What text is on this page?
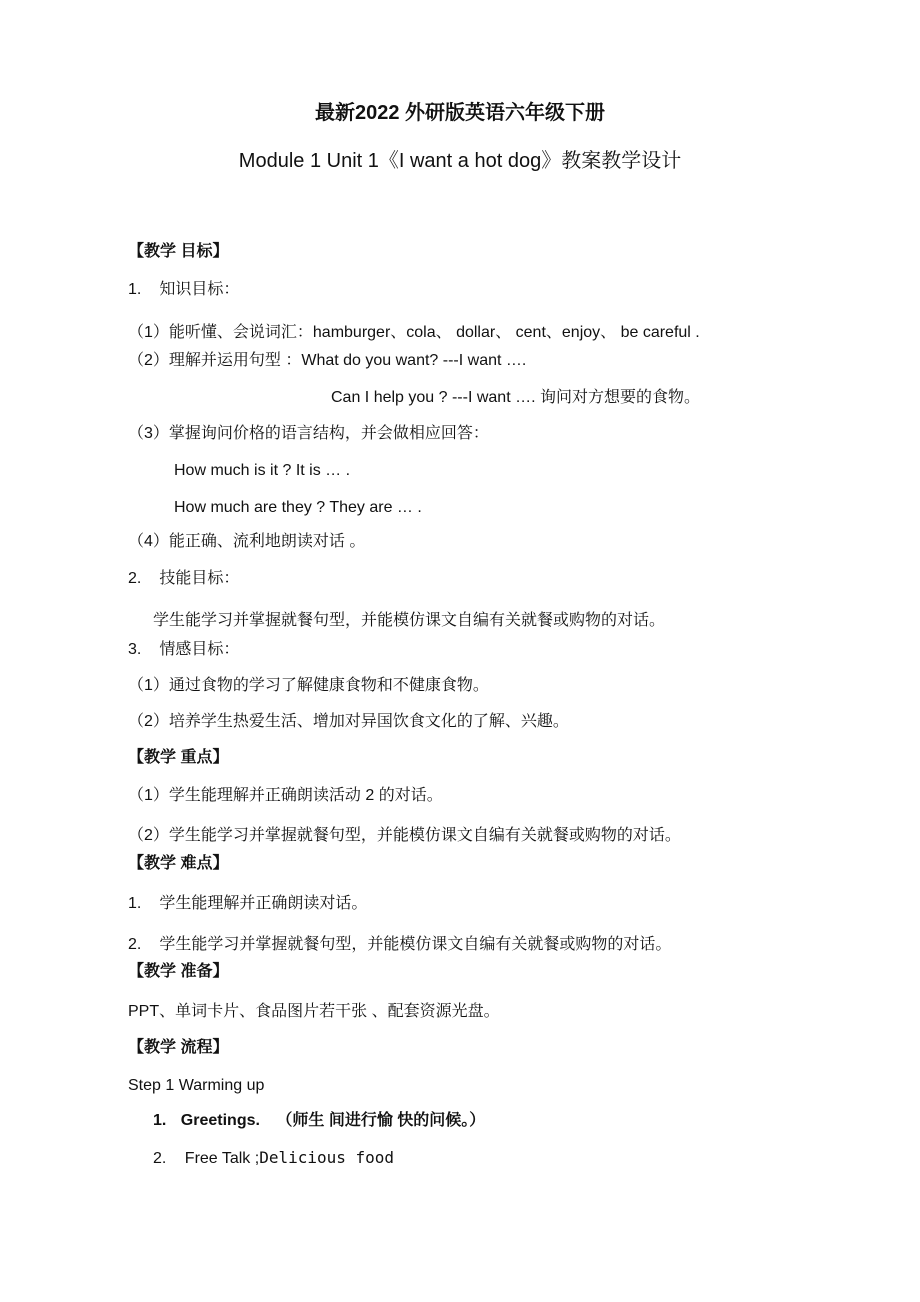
最新2022 外研版英语六年级下册
Module 1 Unit 1《I want a hot dog》教案教学设计
【教学 目标】
1. 知识目标：
（1）能听懂、会说词汇：hamburger、cola、 dollar、 cent、enjoy、 be careful .
（2）理解并运用句型 ：What do you want? ---I want ….
Can I help you ? ---I want …. 询问对方想要的食物。
（3）掌握询问价格的语言结构，并会做相应回答：
How much is it ? It is … .
How much are they ? They are … .
（4）能正确、流利地朗读对话 。
2. 技能目标：
学生能学习并掌握就餐句型，并能模仿课文自编有关就餐或购物的对话。
3. 情感目标：
（1）通过食物的学习了解健康食物和不健康食物。
（2）培养学生热爱生活、增加对异国饮食文化的了解、兴趣。
【教学 重点】
（1）学生能理解并正确朗读活动 2 的对话。
（2）学生能学习并掌握就餐句型，并能模仿课文自编有关就餐或购物的对话。
【教学 难点】
1. 学生能理解并正确朗读对话。
2. 学生能学习并掌握就餐句型，并能模仿课文自编有关就餐或购物的对话。
【教学 准备】
PPT、单词卡片、食品图片若干张 、配套资源光盘。
【教学 流程】
Step 1 Warming up
1. Greetings. （师生 间进行愉 快的问候。）
2. Free Talk ;Delicious food
